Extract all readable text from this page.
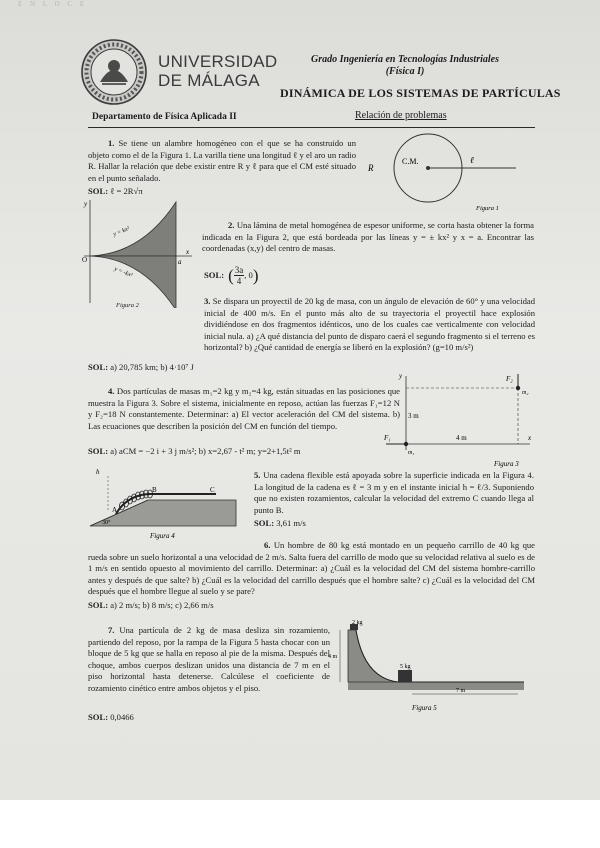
E N L O C E
UNIVERSIDAD
DE MÁLAGA
Grado Ingeniería en Tecnologías Industriales
(Física I)
DINÁMICA DE LOS SISTEMAS DE PARTÍCULAS
Departamento de Física Aplicada II	Relación de problemas
1. Se tiene un alambre homogéneo con el que se ha construido un objeto como el de la Figura 1. La varilla tiene una longitud ℓ y el aro un radio R. Hallar la relación que debe existir entre R y ℓ para que el CM esté situado en el punto señalado.
SOL: ℓ = 2R√π
R
C.M.	ℓ
Figura 1
y
x
O	a
y = kx²
y = -kx²
Figura 2
2. Una lámina de metal homogénea de espesor uniforme, se corta hasta obtener la forma indicada en la Figura 2, que está bordeada por las líneas y = ± kx² y x = a. Encontrar las coordenadas (x,y) del centro de masas.
SOL: ( $\frac{3a}{4}$ , 0 )
3. Se dispara un proyectil de 20 kg de masa, con un ángulo de elevación de 60° y una velocidad inicial de 400 m/s. En el punto más alto de su trayectoria el proyectil hace explosión dividiéndose en dos fragmentos idénticos, uno de los cuales cae verticalmente con velocidad inicial nula. a) ¿A qué distancia del punto de disparo caerá el segundo fragmento si el terreno es horizontal? b) ¿Qué cantidad de energía se liberó en la explosión? (g=10 m/s²)
SOL: a) 20,785 km; b) 4·10⁷ J
4. Dos partículas de masas m₁=2 kg y m₂=4 kg, están situadas en las posiciones que muestra la Figura 3. Sobre el sistema, inicialmente en reposo, actúan las fuerzas F₁=12 N y F₂=18 N constantemente. Determinar: a) El vector aceleración del CM del sistema. b) Las ecuaciones que describen la posición del CM en función del tiempo.
SOL: a) aCM = −2 i + 3 j m/s²; b) x=2,67 - t² m; y=2+1,5t² m
y
x
3 m
4 m
F₁
F₂
m₁
m₂
Figura 3
h
A
B	C
30°
Figura 4
5. Una cadena flexible está apoyada sobre la superficie indicada en la Figura 4. La longitud de la cadena es ℓ = 3 m y en el instante inicial h = ℓ/3. Suponiendo que no existen rozamientos, calcular la velocidad del extremo C cuando llega al punto B.
SOL: 3,61 m/s
6. Un hombre de 80 kg está montado en un pequeño carrillo de 40 kg que rueda sobre un suelo horizontal a una velocidad de 2 m/s. Salta fuera del carrillo de modo que su velocidad relativa al suelo es de 1 m/s en sentido opuesto al movimiento del carrillo. Determinar: a) ¿Cuál es la velocidad del CM del sistema hombre-carrillo antes y después de que salte? b) ¿Cuál es la velocidad del carrillo después que el hombre salte? c) ¿Cuál es la velocidad del CM después que el hombre llegue al suelo y se pare?
SOL: a) 2 m/s; b) 8 m/s; c) 2,66 m/s
7. Una partícula de 2 kg de masa desliza sin rozamiento, partiendo del reposo, por la rampa de la Figura 5 hasta chocar con un bloque de 5 kg que se halla en reposo al pie de la misma. Después del choque, ambos cuerpos deslizan unidos una distancia de 7 m en el piso horizontal hasta detenerse. Calcúlese el coeficiente de rozamiento cinético entre ambos objetos y el piso.
SOL: 0,0466
2 kg
5 kg
4 m
7 m
Figura 5
